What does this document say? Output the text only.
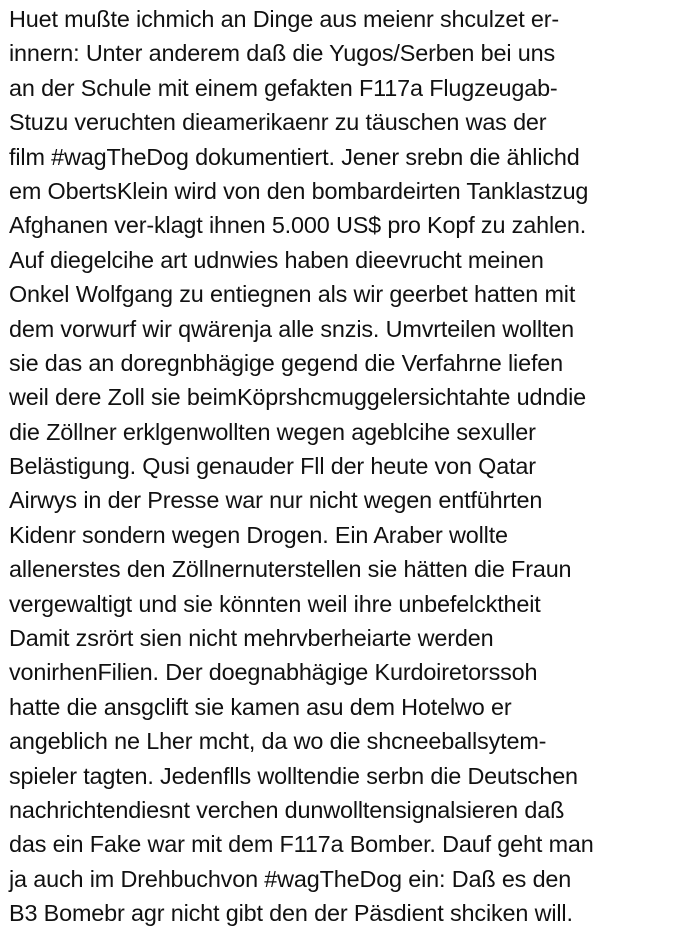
Huet mußte ichmich an Dinge aus meienr shculzet er-
innern: Unter anderem daß die Yugos/Serben bei uns
an der Schule mit einem gefakten F117a Flugzeugab-
Stuzu veruchten dieamerikaenr zu täuschen was der
film #wagTheDog dokumentiert. Jener srebn die ählichd
em ObertsKlein wird von den bombardeirten Tanklastzug
Afghanen ver-klagt ihnen 5.000 US$ pro Kopf zu zahlen.
Auf diegelcihe art udnwies haben dieevrucht meinen
Onkel Wolfgang zu entiegnen als wir geerbet hatten mit
dem vorwurf wir qwärenja alle snzis. Umvrteilen wollten
sie das an doregnbhägige gegend die Verfahrne liefen
weil dere Zoll sie beimKöprshcmuggelersichtahte udndie
die Zöllner erklgenwollten wegen ageblcihe sexuller
Belästigung. Qusi genauder Fll der heute von Qatar
Airwys in der Presse war nur nicht wegen entführten
Kidenr sondern wegen Drogen. Ein Araber wollte
allenerstes den Zöllnernuterstellen sie hätten die Fraun
vergewaltigt und sie könnten weil ihre unbefelcktheit
Damit zsrört sien nicht mehrvberheiarte werden
vonirhenFilien. Der doegnabhägige Kurdoiretorssoh
hatte die ansgclift sie kamen asu dem Hotelwo er
angeblich ne Lher mcht, da wo die shcneeballsytem-
spieler tagten. Jedenflls wolltendie serbn die Deutschen
nachrichtendiesnt verchen dunwolltensignalsieren daß
das ein Fake war mit dem F117a Bomber. Dauf geht man
ja auch im Drehbuchvon #wagTheDog ein: Daß es den
B3 Bomebr agr nicht gibt den der Päsdient shciken will.
